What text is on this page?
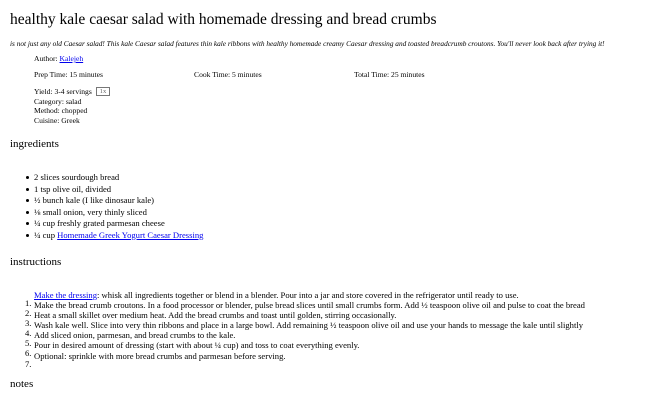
healthy kale caesar salad with homemade dressing and bread crumbs
is not just any old Caesar salad! This kale Caesar salad features thin kale ribbons with healthy homemade creamy Caesar dressing and toasted breadcrumb croutons. You'll never look back after trying it!
Author: Kalejeh
Prep Time: 15 minutes	Cook Time: 5 minutes	Total Time: 25 minutes
Yield: 3-4 servings 1x
Category: salad
Method: chopped
Cuisine: Greek
ingredients
2 slices sourdough bread
1 tsp olive oil, divided
½ bunch kale (I like dinosaur kale)
⅛ small onion, very thinly sliced
¼ cup freshly grated parmesan cheese
¼ cup Homemade Greek Yogurt Caesar Dressing
instructions
1.
Make the dressing: whisk all ingredients together or blend in a blender. Pour into a jar and store covered in the refrigerator until ready to use.
2.
Make the bread crumb croutons. In a food processor or blender, pulse bread slices until small crumbs form. Add ½ teaspoon olive oil and pulse to coat the bread
3.
Heat a small skillet over medium heat. Add the bread crumbs and toast until golden, stirring occasionally.
4.
Wash kale well. Slice into very thin ribbons and place in a large bowl. Add remaining ½ teaspoon olive oil and use your hands to message the kale until slightly
5.
Add sliced onion, parmesan, and bread crumbs to the kale.
6.
Pour in desired amount of dressing (start with about ¼ cup) and toss to coat everything evenly.
7.
Optional: sprinkle with more bread crumbs and parmesan before serving.
notes
